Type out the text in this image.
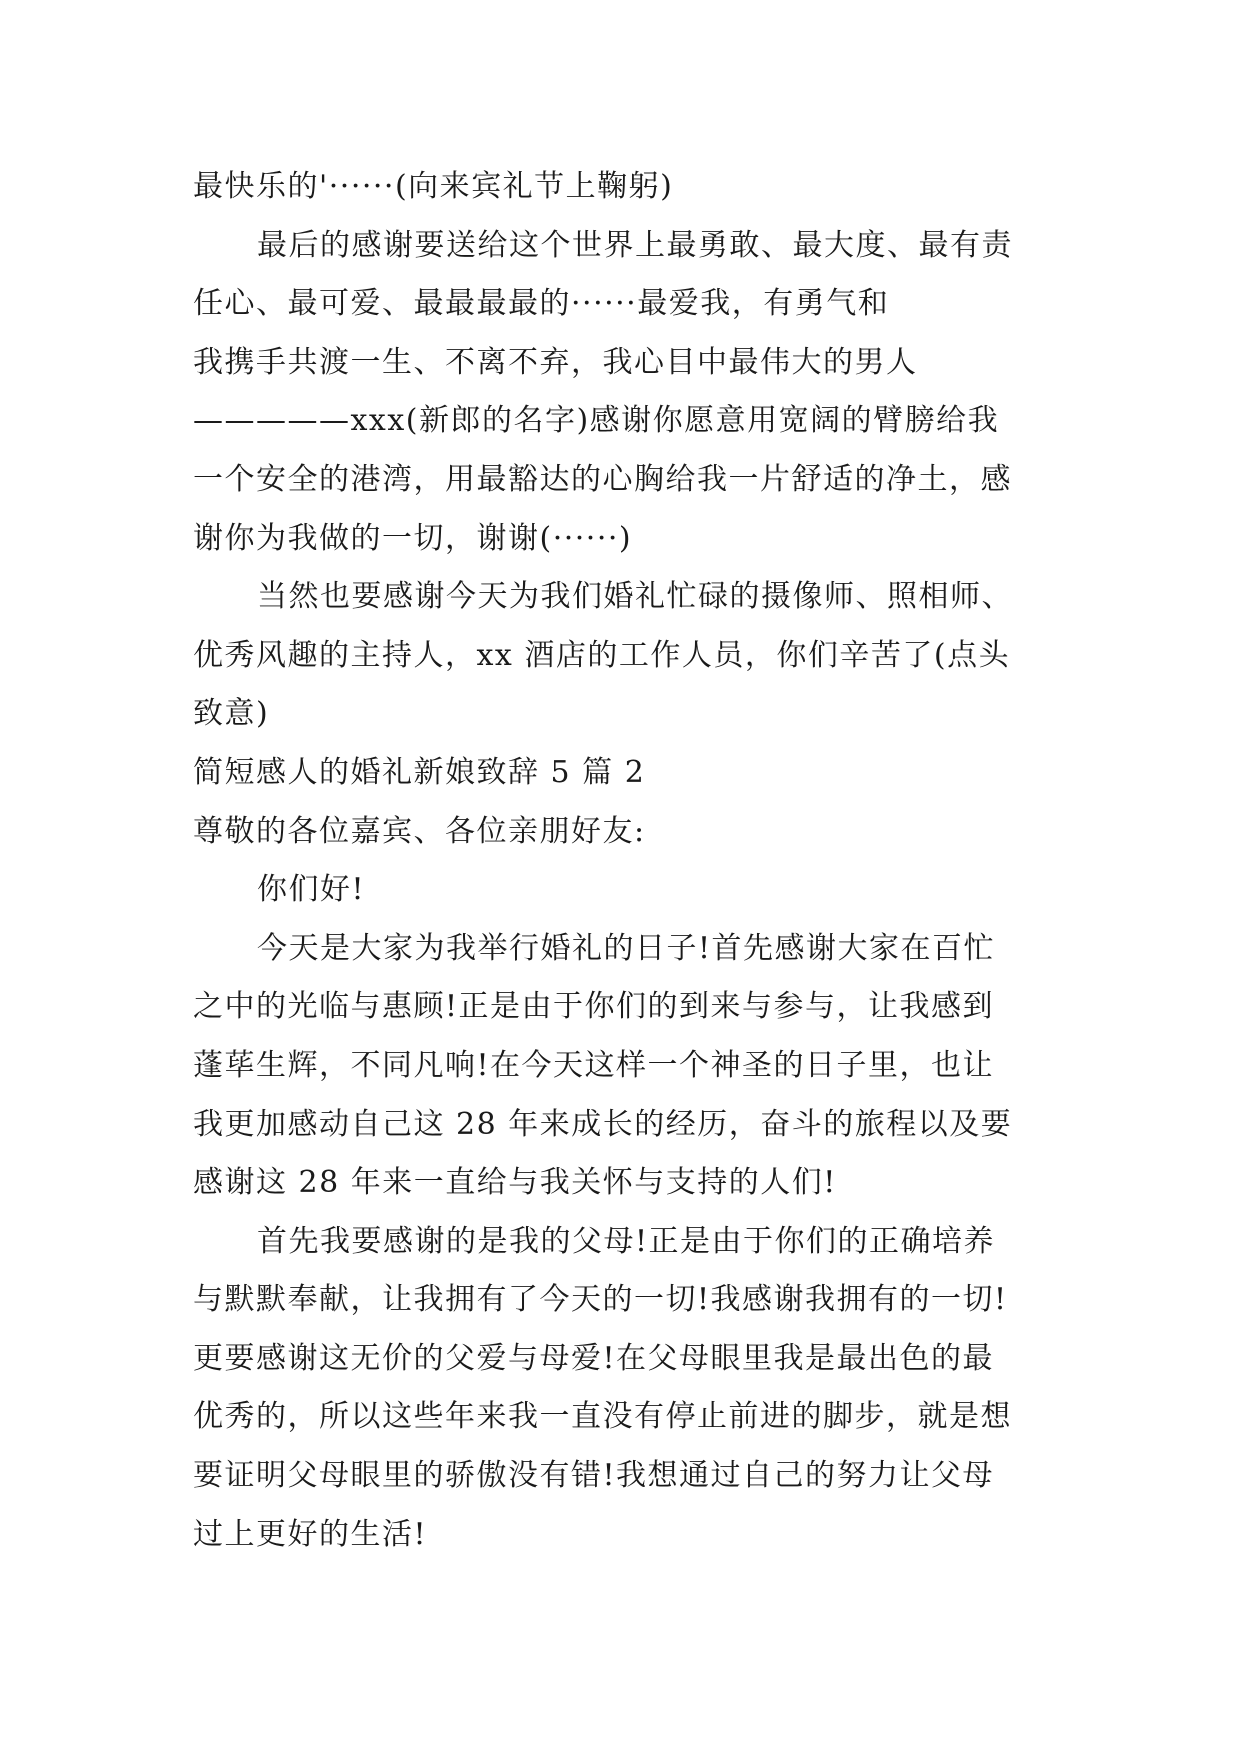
最快乐的'······(向来宾礼节上鞠躬)
最后的感谢要送给这个世界上最勇敢、最大度、最有责
任心、最可爱、最最最最的······最爱我，有勇气和
我携手共渡一生、不离不弃，我心目中最伟大的男人
—————xxx(新郎的名字)感谢你愿意用宽阔的臂膀给我
一个安全的港湾，用最豁达的心胸给我一片舒适的净土，感
谢你为我做的一切，谢谢(······)
当然也要感谢今天为我们婚礼忙碌的摄像师、照相师、
优秀风趣的主持人，xx 酒店的工作人员，你们辛苦了(点头
致意)
简短感人的婚礼新娘致辞 5 篇 2
尊敬的各位嘉宾、各位亲朋好友:
你们好!
今天是大家为我举行婚礼的日子!首先感谢大家在百忙
之中的光临与惠顾!正是由于你们的到来与参与，让我感到
蓬荜生辉，不同凡响!在今天这样一个神圣的日子里，也让
我更加感动自己这 28 年来成长的经历，奋斗的旅程以及要
感谢这 28 年来一直给与我关怀与支持的人们!
首先我要感谢的是我的父母!正是由于你们的正确培养
与默默奉献，让我拥有了今天的一切!我感谢我拥有的一切!
更要感谢这无价的父爱与母爱!在父母眼里我是最出色的最
优秀的，所以这些年来我一直没有停止前进的脚步，就是想
要证明父母眼里的骄傲没有错!我想通过自己的努力让父母
过上更好的生活!
